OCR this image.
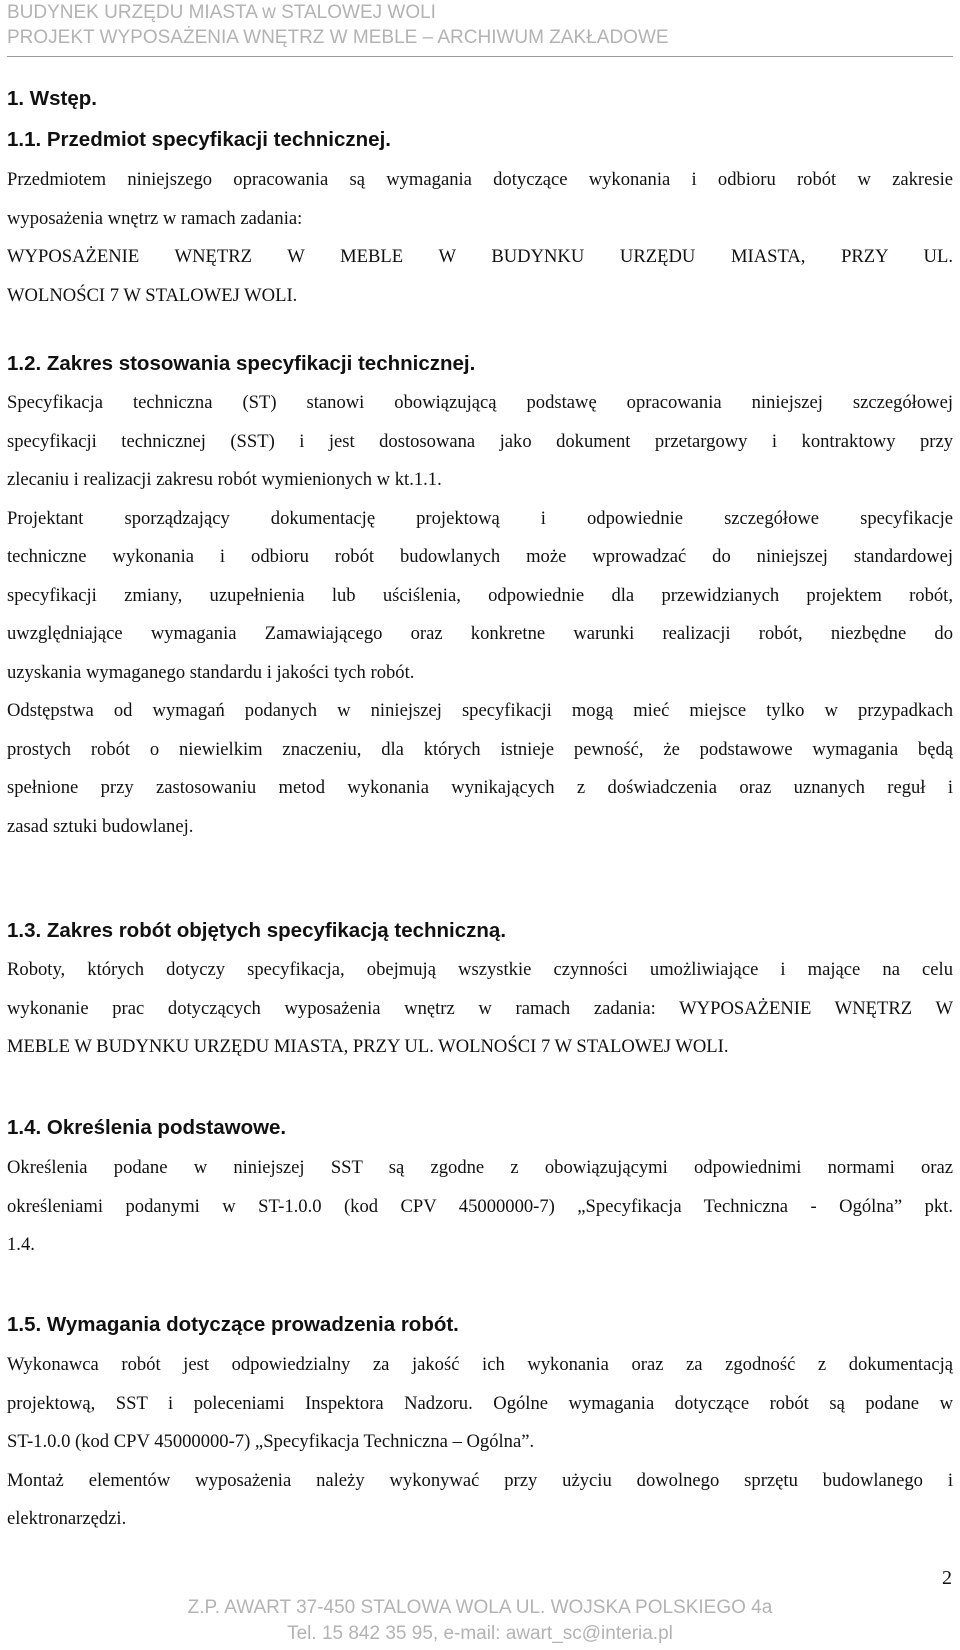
BUDYNEK URZĘDU MIASTA w STALOWEJ WOLI
PROJEKT WYPOSAŻENIA WNĘTRZ W MEBLE – ARCHIWUM ZAKŁADOWE
1. Wstęp.
1.1. Przedmiot specyfikacji technicznej.
Przedmiotem niniejszego opracowania są wymagania dotyczące wykonania i odbioru robót w zakresie
wyposażenia wnętrz w ramach zadania:
WYPOSAŻENIE WNĘTRZ W MEBLE W BUDYNKU URZĘDU MIASTA, PRZY UL.
WOLNOŚCI 7 W STALOWEJ WOLI.
1.2. Zakres stosowania specyfikacji technicznej.
Specyfikacja techniczna (ST) stanowi obowiązującą podstawę opracowania niniejszej szczegółowej
specyfikacji technicznej (SST) i jest dostosowana jako dokument przetargowy i kontraktowy przy
zlecaniu i realizacji zakresu robót wymienionych w kt.1.1.
Projektant sporządzający dokumentację projektową i odpowiednie szczegółowe specyfikacje
techniczne wykonania i odbioru robót budowlanych może wprowadzać do niniejszej standardowej
specyfikacji zmiany, uzupełnienia lub uściślenia, odpowiednie dla przewidzianych projektem robót,
uwzględniające wymagania Zamawiającego oraz konkretne warunki realizacji robót, niezbędne do
uzyskania wymaganego standardu i jakości tych robót.
Odstępstwa od wymagań podanych w niniejszej specyfikacji mogą mieć miejsce tylko w przypadkach
prostych robót o niewielkim znaczeniu, dla których istnieje pewność, że podstawowe wymagania będą
spełnione przy zastosowaniu metod wykonania wynikających z doświadczenia oraz uznanych reguł i
zasad sztuki budowlanej.
1.3. Zakres robót objętych specyfikacją techniczną.
Roboty, których dotyczy specyfikacja, obejmują wszystkie czynności umożliwiające i mające na celu
wykonanie prac dotyczących wyposażenia wnętrz w ramach zadania: WYPOSAŻENIE WNĘTRZ W
MEBLE W BUDYNKU URZĘDU MIASTA, PRZY UL. WOLNOŚCI 7 W STALOWEJ WOLI.
1.4. Określenia podstawowe.
Określenia podane w niniejszej SST są zgodne z obowiązującymi odpowiednimi normami oraz
określeniami podanymi w ST-1.0.0 (kod CPV 45000000-7) „Specyfikacja Techniczna - Ogólna” pkt.
1.4.
1.5. Wymagania dotyczące prowadzenia robót.
Wykonawca robót jest odpowiedzialny za jakość ich wykonania oraz za zgodność z dokumentacją
projektową, SST i poleceniami Inspektora Nadzoru. Ogólne wymagania dotyczące robót są podane w
ST-1.0.0 (kod CPV 45000000-7) „Specyfikacja Techniczna – Ogólna”.
Montaż elementów wyposażenia należy wykonywać przy użyciu dowolnego sprzętu budowlanego i
elektronarzędzi.
2
Z.P. AWART 37-450 STALOWA WOLA UL. WOJSKA POLSKIEGO 4a
Tel. 15 842 35 95, e-mail: awart_sc@interia.pl
